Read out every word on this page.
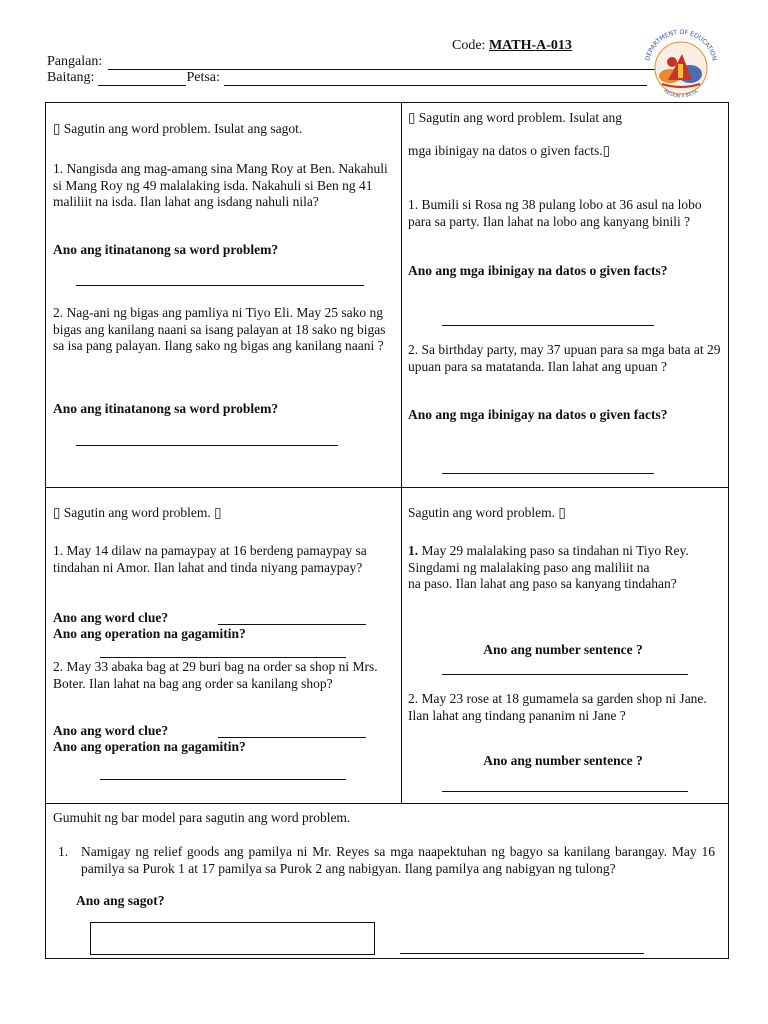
Code: MATH-A-013
Pangalan:
Baitang:	Petsa:
DEPARTMENT OF EDUCATION
REGION V BICOL
▯ Sagutin ang word problem. Isulat ang sagot.
1. Nangisda ang mag-amang sina Mang Roy at Ben. Nakahuli si Mang Roy ng 49 malalaking isda. Nakahuli si Ben ng 41 maliliit na isda. Ilan lahat ang isdang nahuli nila?
Ano ang itinatanong sa word problem?
2. Nag-ani ng bigas ang pamliya ni Tiyo Eli. May 25 sako ng bigas ang kanilang naani sa isang palayan at 18 sako ng bigas sa isa pang palayan. Ilang sako ng bigas ang kanilang naani ?
Ano ang itinatanong sa word problem?
▯ Sagutin ang word problem. Isulat ang
mga ibinigay na datos o given facts.▯
1. Bumili si Rosa ng 38 pulang lobo at 36 asul na lobo para sa party. Ilan lahat na lobo ang kanyang binili ?
Ano ang mga ibinigay na datos o given facts?
2. Sa birthday party, may 37 upuan para sa mga bata at 29 upuan para sa matatanda. Ilan lahat ang upuan ?
Ano ang mga ibinigay na datos o given facts?
▯ Sagutin ang word problem. ▯
1. May 14 dilaw na pamaypay at 16 berdeng pamaypay sa tindahan ni Amor. Ilan lahat and tinda niyang pamaypay?
Ano ang word clue?
Ano ang operation na gagamitin?
2. May 33 abaka bag at 29 buri bag na order sa shop ni Mrs. Boter. Ilan lahat na bag ang order sa kanilang shop?
Ano ang word clue?
Ano ang operation na gagamitin?
Sagutin ang word problem. ▯
1. May 29 malalaking paso sa tindahan ni Tiyo Rey. Singdami ng malalaking paso ang maliliit na
na paso. Ilan lahat ang paso sa kanyang tindahan?
Ano ang number sentence ?
2. May 23 rose at 18 gumamela sa garden shop ni Jane. Ilan lahat ang tindang pananim ni Jane ?
Ano ang number sentence ?
Gumuhit ng bar model para sagutin ang word problem.
1. Namigay ng relief goods ang pamilya ni Mr. Reyes sa mga naapektuhan ng bagyo sa kanilang barangay. May 16 pamilya sa Purok 1 at 17 pamilya sa Purok 2 ang nabigyan. Ilang pamilya ang nabigyan ng tulong?
Ano ang sagot?
